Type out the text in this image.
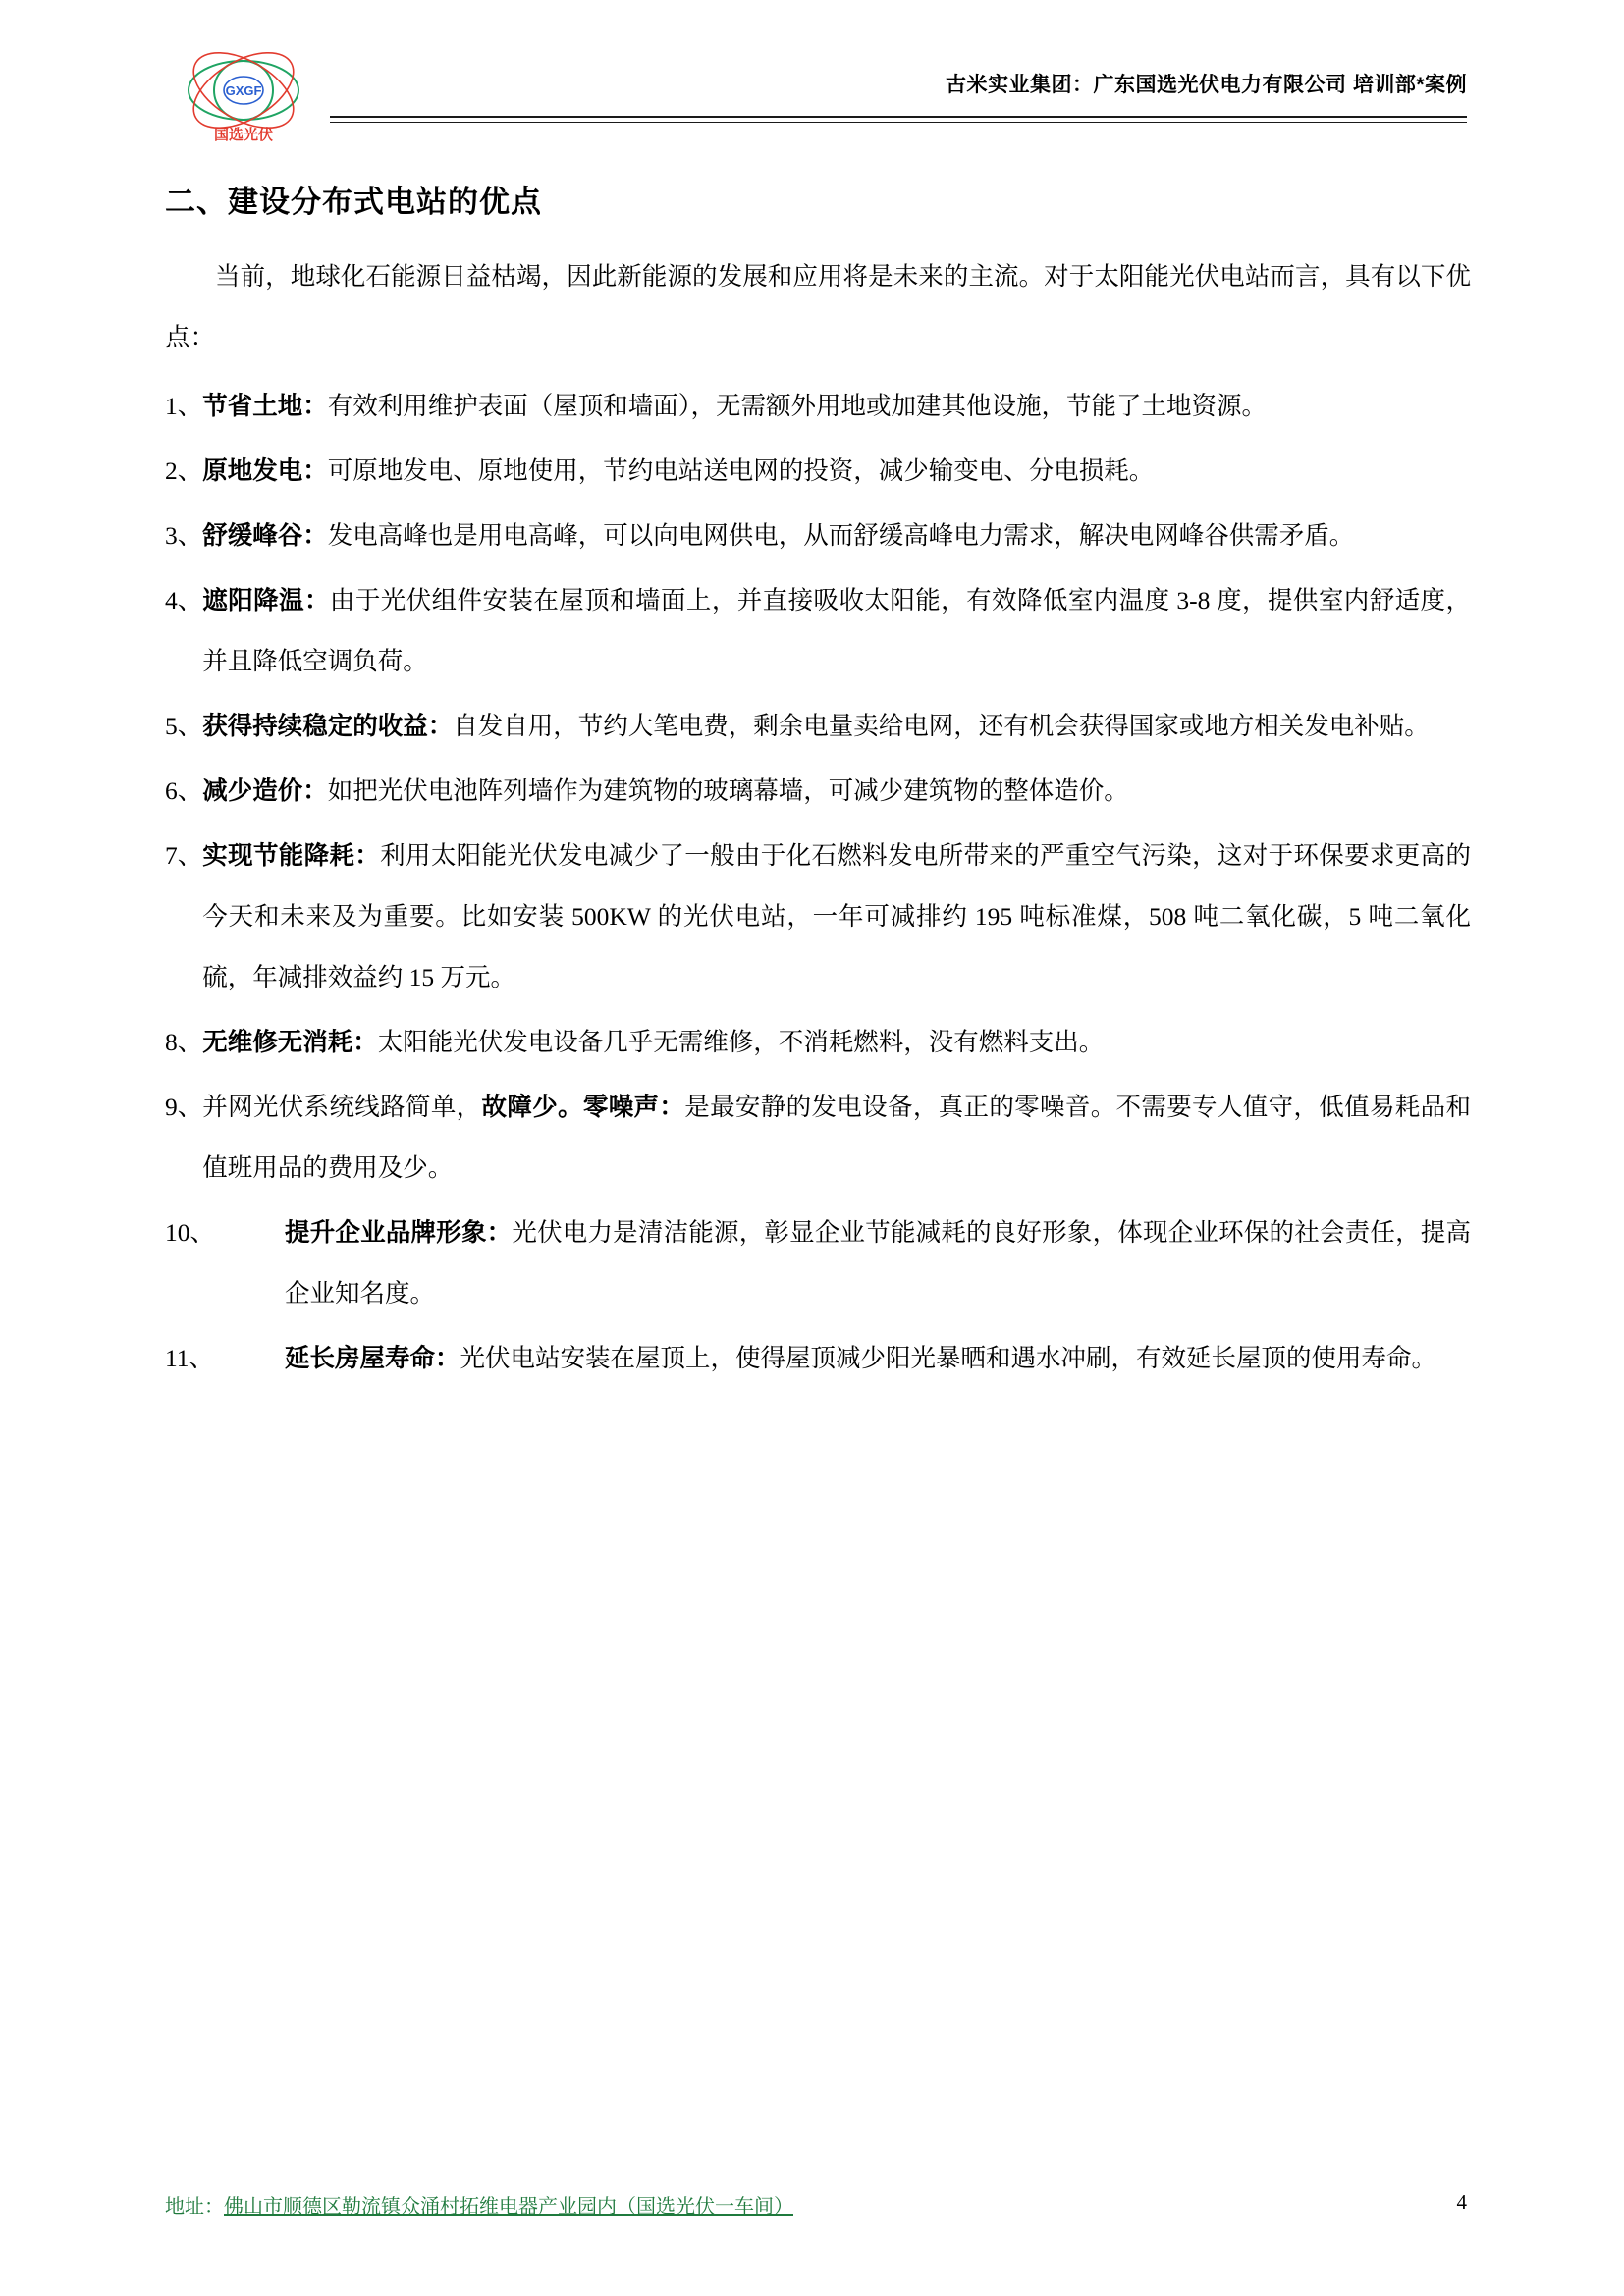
GXGF
国选光伏
古米实业集团：广东国选光伏电力有限公司 培训部*案例
二、建设分布式电站的优点

当前，地球化石能源日益枯竭，因此新能源的发展和应用将是未来的主流。对于太阳能光伏电站而言，具有以下优点：

1、 节省土地：有效利用维护表面（屋顶和墙面），无需额外用地或加建其他设施，节能了土地资源。
2、 原地发电：可原地发电、原地使用，节约电站送电网的投资，减少输变电、分电损耗。
3、 舒缓峰谷：发电高峰也是用电高峰，可以向电网供电，从而舒缓高峰电力需求，解决电网峰谷供需矛盾。
4、 遮阳降温：由于光伏组件安装在屋顶和墙面上，并直接吸收太阳能，有效降低室内温度 3-8 度，提供室内舒适度，并且降低空调负荷。
5、 获得持续稳定的收益：自发自用，节约大笔电费，剩余电量卖给电网，还有机会获得国家或地方相关发电补贴。
6、 减少造价：如把光伏电池阵列墙作为建筑物的玻璃幕墙，可减少建筑物的整体造价。
7、 实现节能降耗：利用太阳能光伏发电减少了一般由于化石燃料发电所带来的严重空气污染，这对于环保要求更高的今天和未来及为重要。比如安装 500KW 的光伏电站，一年可减排约 195 吨标准煤，508 吨二氧化碳，5 吨二氧化硫，年减排效益约 15 万元。
8、 无维修无消耗：太阳能光伏发电设备几乎无需维修，不消耗燃料，没有燃料支出。
9、 并网光伏系统线路简单，故障少。零噪声：是最安静的发电设备，真正的零噪音。不需要专人值守，低值易耗品和值班用品的费用及少。
10、	提升企业品牌形象：光伏电力是清洁能源，彰显企业节能减耗的良好形象，体现企业环保的社会责任，提高企业知名度。
11、	延长房屋寿命：光伏电站安装在屋顶上，使得屋顶减少阳光暴晒和遇水冲刷，有效延长屋顶的使用寿命。
地址：佛山市顺德区勒流镇众涌村拓维电器产业园内（国选光伏一车间）	4
